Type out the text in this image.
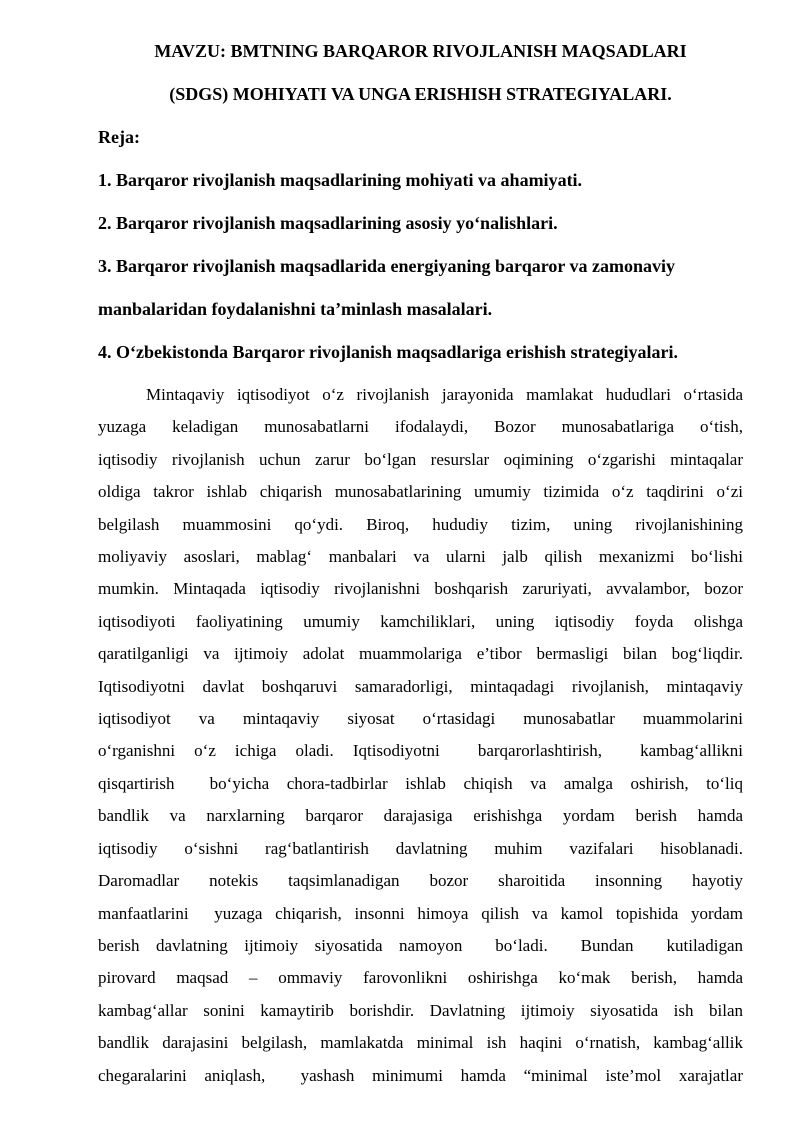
MAVZU: BMTNING BARQAROR RIVOJLANISH MAQSADLARI
(SDGS) MOHIYATI VA UNGA ERISHISH STRATEGIYALARI.
Reja:
1. Barqaror rivojlanish maqsadlarining mohiyati va ahamiyati.
2. Barqaror rivojlanish maqsadlarining asosiy yoʻnalishlari.
3. Barqaror rivojlanish maqsadlarida energiyaning barqaror va zamonaviy
manbalaridan foydalanishni ta’minlash masalalari.
4. Oʻzbekistonda Barqaror rivojlanish maqsadlariga erishish strategiyalari.
Mintaqaviy iqtisodiyot oʻz rivojlanish jarayonida mamlakat hududlari oʻrtasida
yuzaga keladigan munosabatlarni ifodalaydi, Bozor munosabatlariga oʻtish,
iqtisodiy rivojlanish uchun zarur boʻlgan resurslar oqimining oʻzgarishi mintaqalar
oldiga takror ishlab chiqarish munosabatlarining umumiy tizimida oʻz taqdirini oʻzi
belgilash muammosini qoʻydi. Biroq, hududiy tizim, uning rivojlanishining
moliyaviy asoslari, mablagʻ manbalari va ularni jalb qilish mexanizmi boʻlishi
mumkin. Mintaqada iqtisodiy rivojlanishni boshqarish zaruriyati, avvalambor, bozor
iqtisodiyoti faoliyatining umumiy kamchiliklari, uning iqtisodiy foyda olishga
qaratilganligi va ijtimoiy adolat muammolariga e’tibor bermasligi bilan bogʻliqdir.
Iqtisodiyotni davlat boshqaruvi samaradorligi, mintaqadagi rivojlanish, mintaqaviy
iqtisodiyot va mintaqaviy siyosat oʻrtasidagi munosabatlar muammolarini
oʻrganishni oʻz ichiga oladi. Iqtisodiyotni  barqarorlashtirish,  kambagʻallikni
qisqartirish  boʻyicha chora-tadbirlar ishlab chiqish va amalga oshirish, toʻliq
bandlik va narxlarning barqaror darajasiga erishishga yordam berish hamda
iqtisodiy oʻsishni ragʻbatlantirish davlatning muhim vazifalari hisoblanadi.
Daromadlar notekis taqsimlanadigan bozor sharoitida insonning hayotiy
manfaatlarini  yuzaga chiqarish, insonni himoya qilish va kamol topishida yordam
berish davlatning ijtimoiy siyosatida namoyon  boʻladi.  Bundan  kutiladigan
pirovard maqsad – ommaviy farovonlikni oshirishga koʻmak berish, hamda
kambagʻallar sonini kamaytirib borishdir. Davlatning ijtimoiy siyosatida ish bilan
bandlik darajasini belgilash, mamlakatda minimal ish haqini oʻrnatish, kambagʻallik
chegaralarini aniqlash,  yashash minimumi hamda “minimal iste’mol xarajatlar
